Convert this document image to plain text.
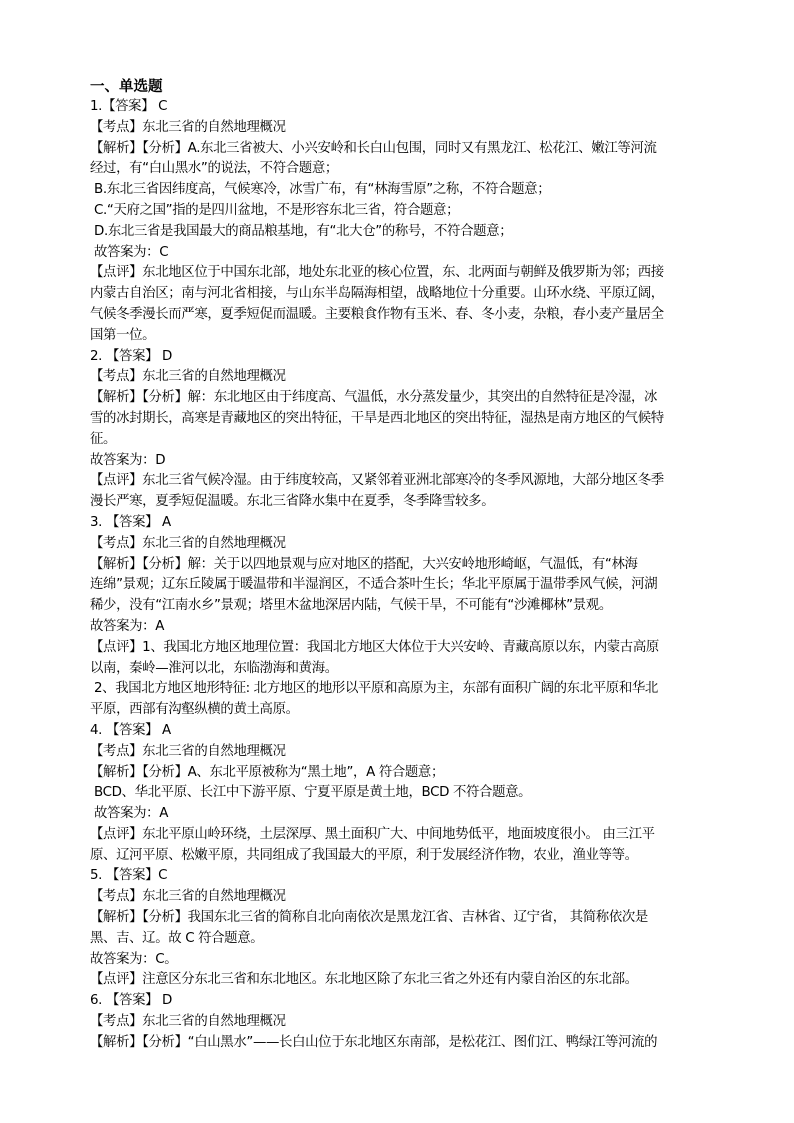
一、单选题
1.【答案】 C
【考点】东北三省的自然地理概况
【解析】【分析】A.东北三省被大、小兴安岭和长白山包围，同时又有黑龙江、松花江、嫩江等河流
经过，有“白山黑水”的说法，不符合题意；
B.东北三省因纬度高，气候寒冷，冰雪广布，有“林海雪原”之称，不符合题意；
C.“天府之国”指的是四川盆地，不是形容东北三省，符合题意；
D.东北三省是我国最大的商品粮基地，有“北大仓”的称号，不符合题意；
故答案为：C
【点评】东北地区位于中国东北部，地处东北亚的核心位置，东、北两面与朝鲜及俄罗斯为邻；西接
内蒙古自治区；南与河北省相接，与山东半岛隔海相望，战略地位十分重要。山环水绕、平原辽阔，
气候冬季漫长而严寒，夏季短促而温暖。主要粮食作物有玉米、春、冬小麦，杂粮，春小麦产量居全
国第一位。
2. 【答案】 D
【考点】东北三省的自然地理概况
【解析】【分析】解：东北地区由于纬度高、气温低，水分蒸发量少，其突出的自然特征是冷湿，冰
雪的冰封期长，高寒是青藏地区的突出特征，干旱是西北地区的突出特征，湿热是南方地区的气候特
征。
故答案为：D
【点评】东北三省气候冷湿。由于纬度较高，又紧邻着亚洲北部寒冷的冬季风源地，大部分地区冬季
漫长严寒，夏季短促温暖。东北三省降水集中在夏季，冬季降雪较多。
3. 【答案】 A
【考点】东北三省的自然地理概况
【解析】【分析】解：关于以四地景观与应对地区的搭配，大兴安岭地形崎岖，气温低，有“林海
连绵”景观；辽东丘陵属于暖温带和半湿润区，不适合茶叶生长；华北平原属于温带季风气候，河湖
稀少，没有“江南水乡”景观；塔里木盆地深居内陆，气候干旱，不可能有“沙滩椰林”景观。
故答案为：A
【点评】1、我国北方地区地理位置：我国北方地区大体位于大兴安岭、青藏高原以东，内蒙古高原
以南，秦岭—淮河以北，东临渤海和黄海。
2、我国北方地区地形特征: 北方地区的地形以平原和高原为主，东部有面积广阔的东北平原和华北
平原，西部有沟壑纵横的黄土高原。
4. 【答案】 A
【考点】东北三省的自然地理概况
【解析】【分析】A、东北平原被称为“黑土地”，A 符合题意；
BCD、华北平原、长江中下游平原、宁夏平原是黄土地，BCD 不符合题意。
故答案为：A
【点评】东北平原山岭环绕，土层深厚、黑土面积广大、中间地势低平，地面坡度很小。 由三江平
原、辽河平原、松嫩平原，共同组成了我国最大的平原，利于发展经济作物，农业，渔业等等。
5. 【答案】C
【考点】东北三省的自然地理概况
【解析】【分析】我国东北三省的简称自北向南依次是黑龙江省、吉林省、辽宁省， 其简称依次是
黑、吉、辽。故 C 符合题意。
故答案为：C。
【点评】注意区分东北三省和东北地区。东北地区除了东北三省之外还有内蒙自治区的东北部。
6. 【答案】 D
【考点】东北三省的自然地理概况
【解析】【分析】“白山黑水”——长白山位于东北地区东南部，是松花江、图们江、鸭绿江等河流的
